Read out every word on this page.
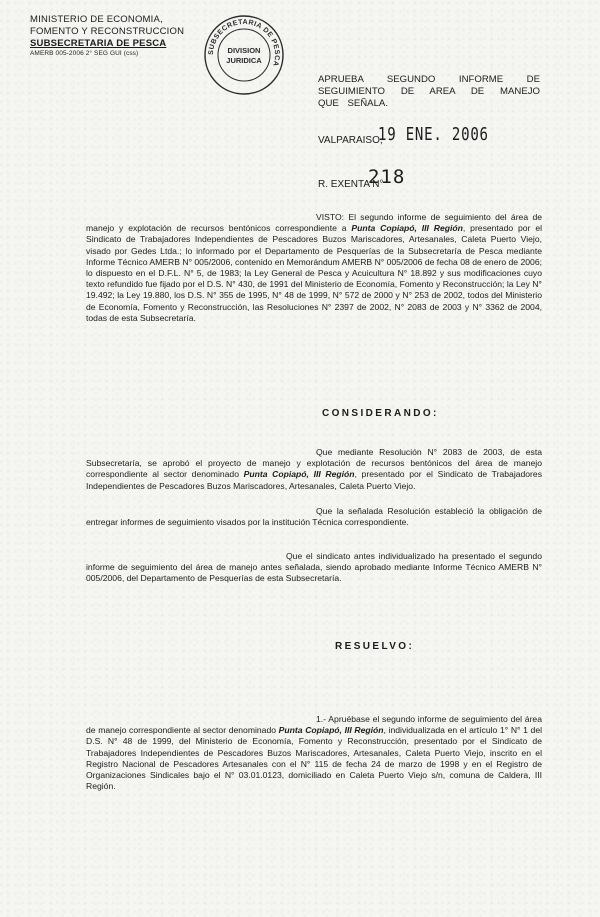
MINISTERIO DE ECONOMIA,
FOMENTO Y RECONSTRUCCION
SUBSECRETARIA DE PESCA
AMERB 005-2006 2° SEG GUI (css)	SUBSECRETARIA DE PESCA
DIVISION
JURIDICA
APRUEBA SEGUNDO INFORME DE SEGUIMIENTO DE AREA DE MANEJO QUE SEÑALA.
VALPARAISO,
19 ENE. 2006
R. EXENTA N°
218
VISTO: El segundo informe de seguimiento del área de manejo y explotación de recursos bentónicos correspondiente a Punta Copiapó, III Región, presentado por el Sindicato de Trabajadores Independientes de Pescadores Buzos Mariscadores, Artesanales, Caleta Puerto Viejo, visado por Gedes Ltda.; lo informado por el Departamento de Pesquerías de la Subsecretaría de Pesca mediante Informe Técnico AMERB N° 005/2006, contenido en Memorándum AMERB N° 005/2006 de fecha 08 de enero de 2006; lo dispuesto en el D.F.L. N° 5, de 1983; la Ley General de Pesca y Acuicultura N° 18.892 y sus modificaciones cuyo texto refundido fue fijado por el D.S. N° 430, de 1991 del Ministerio de Economía, Fomento y Reconstrucción; la Ley N° 19.492; la Ley 19.880, los D.S. N° 355 de 1995, N° 48 de 1999, N° 572 de 2000 y N° 253 de 2002, todos del Ministerio de Economía, Fomento y Reconstrucción, las Resoluciones N° 2397 de 2002, N° 2083 de 2003 y N° 3362 de 2004, todas de esta Subsecretaría.
CONSIDERANDO:
Que mediante Resolución N° 2083 de 2003, de esta Subsecretaría, se aprobó el proyecto de manejo y explotación de recursos bentónicos del área de manejo correspondiente al sector denominado Punta Copiapó, III Región, presentado por el Sindicato de Trabajadores Independientes de Pescadores Buzos Mariscadores, Artesanales, Caleta Puerto Viejo.
Que la señalada Resolución estableció la obligación de entregar informes de seguimiento visados por la institución Técnica correspondiente.
Que el sindicato antes individualizado ha presentado el segundo informe de seguimiento del área de manejo antes señalada, siendo aprobado mediante Informe Técnico AMERB N° 005/2006, del Departamento de Pesquerías de esta Subsecretaría.
RESUELVO:
1.- Apruébase el segundo informe de seguimiento del área de manejo correspondiente al sector denominado Punta Copiapó, III Región, individualizada en el artículo 1° N° 1 del D.S. N° 48 de 1999, del Ministerio de Economía, Fomento y Reconstrucción, presentado por el Sindicato de Trabajadores Independientes de Pescadores Buzos Mariscadores, Artesanales, Caleta Puerto Viejo, inscrito en el Registro Nacional de Pescadores Artesanales con el N° 115 de fecha 24 de marzo de 1998 y en el Registro de Organizaciones Sindicales bajo el N° 03.01.0123, domiciliado en Caleta Puerto Viejo s/n, comuna de Caldera, III Región.
